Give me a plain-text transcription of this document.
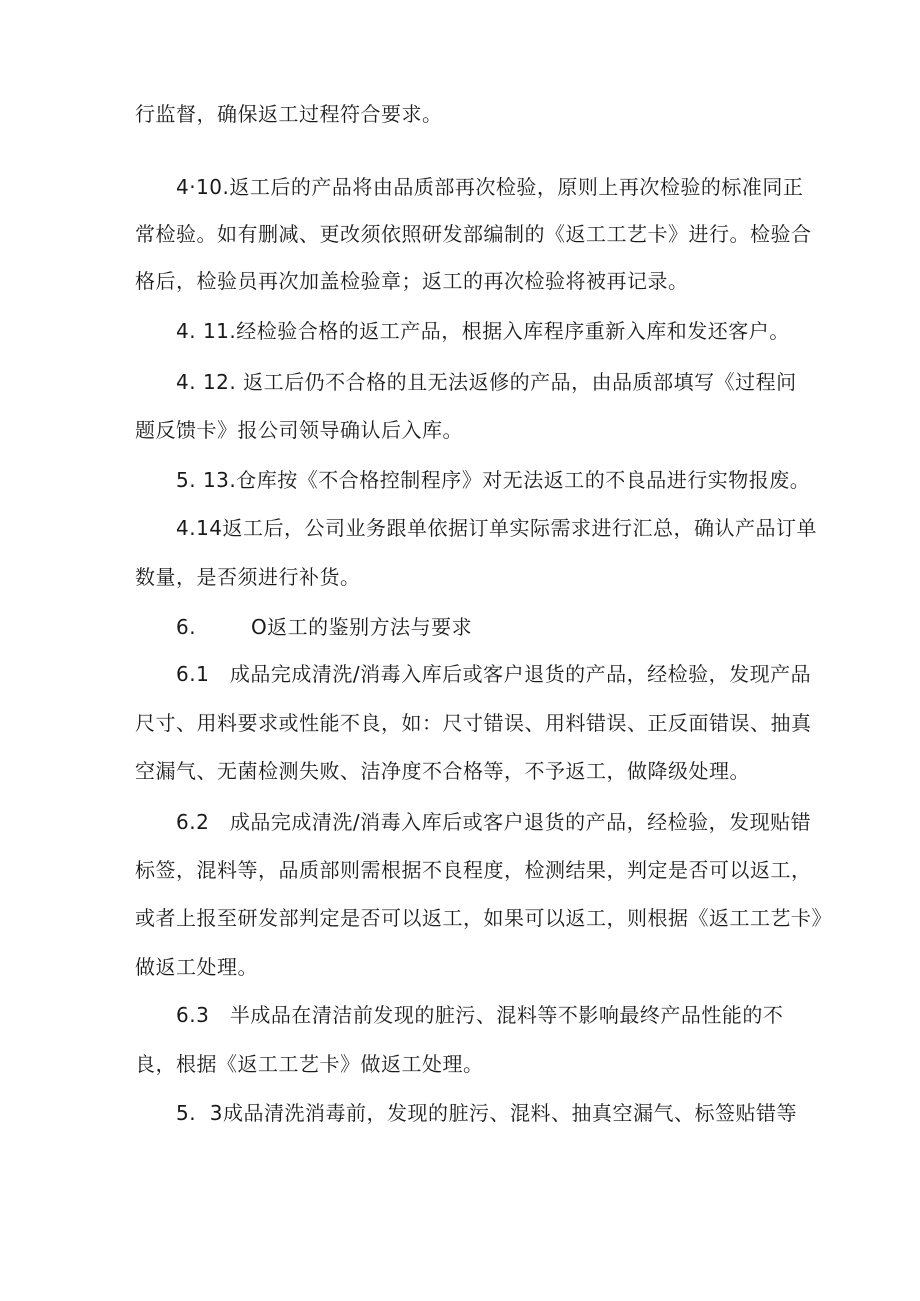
行监督，确保返工过程符合要求。
4·10.返工后的产品将由品质部再次检验，原则上再次检验的标准同正
常检验。如有删减、更改须依照研发部编制的《返工工艺卡》进行。检验合
格后，检验员再次加盖检验章；返工的再次检验将被再记录。
4. 11.经检验合格的返工产品，根据入库程序重新入库和发还客户。
4. 12. 返工后仍不合格的且无法返修的产品，由品质部填写《过程问
题反馈卡》报公司领导确认后入库。
5. 13.仓库按《不合格控制程序》对无法返工的不良品进行实物报废。
4.14返工后，公司业务跟单依据订单实际需求进行汇总，确认产品订单
数量，是否须进行补货。
6.        O返工的鉴别方法与要求
6.1   成品完成清洗/消毒入库后或客户退货的产品，经检验，发现产品
尺寸、用料要求或性能不良，如：尺寸错误、用料错误、正反面错误、抽真
空漏气、无菌检测失败、洁净度不合格等，不予返工，做降级处理。
6.2   成品完成清洗/消毒入库后或客户退货的产品，经检验，发现贴错
标签，混料等，品质部则需根据不良程度，检测结果，判定是否可以返工，
或者上报至研发部判定是否可以返工，如果可以返工，则根据《返工工艺卡》
做返工处理。
6.3   半成品在清洁前发现的脏污、混料等不影响最终产品性能的不
良，根据《返工工艺卡》做返工处理。
5.  3成品清洗消毒前，发现的脏污、混料、抽真空漏气、标签贴错等
